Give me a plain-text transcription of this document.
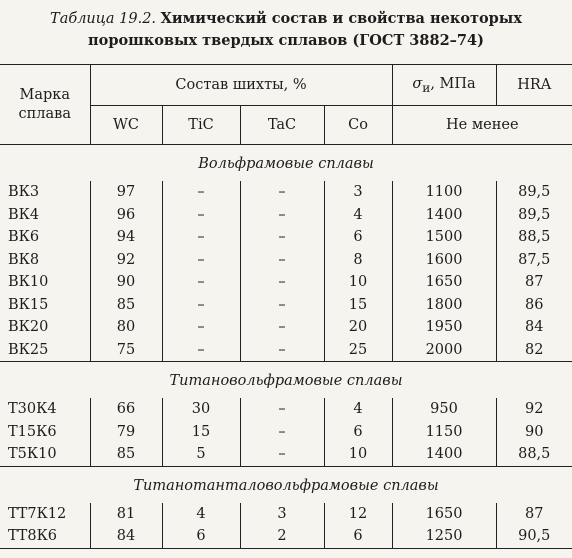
Таблица 19.2. Химический состав и свойства некоторых
порошковых твердых сплавов (ГОСТ 3882–74)
Марка
сплава	Состав шихты, %				$\sigma_и$, МПа	HRA
	WC	TiC	TaC	Co	Не менее	
Вольфрамовые сплавы						
ВК3	97	–	–	3	1100	89,5
ВК4	96	–	–	4	1400	89,5
ВК6	94	–	–	6	1500	88,5
ВК8	92	–	–	8	1600	87,5
ВК10	90	–	–	10	1650	87
ВК15	85	–	–	15	1800	86
ВК20	80	–	–	20	1950	84
ВК25	75	–	–	25	2000	82
Титановольфрамовые сплавы						
Т30К4	66	30	–	4	950	92
Т15К6	79	15	–	6	1150	90
Т5К10	85	5	–	10	1400	88,5
Титанотанталовольфрамовые сплавы						
ТТ7К12	81	4	3	12	1650	87
ТТ8К6	84	6	2	6	1250	90,5
